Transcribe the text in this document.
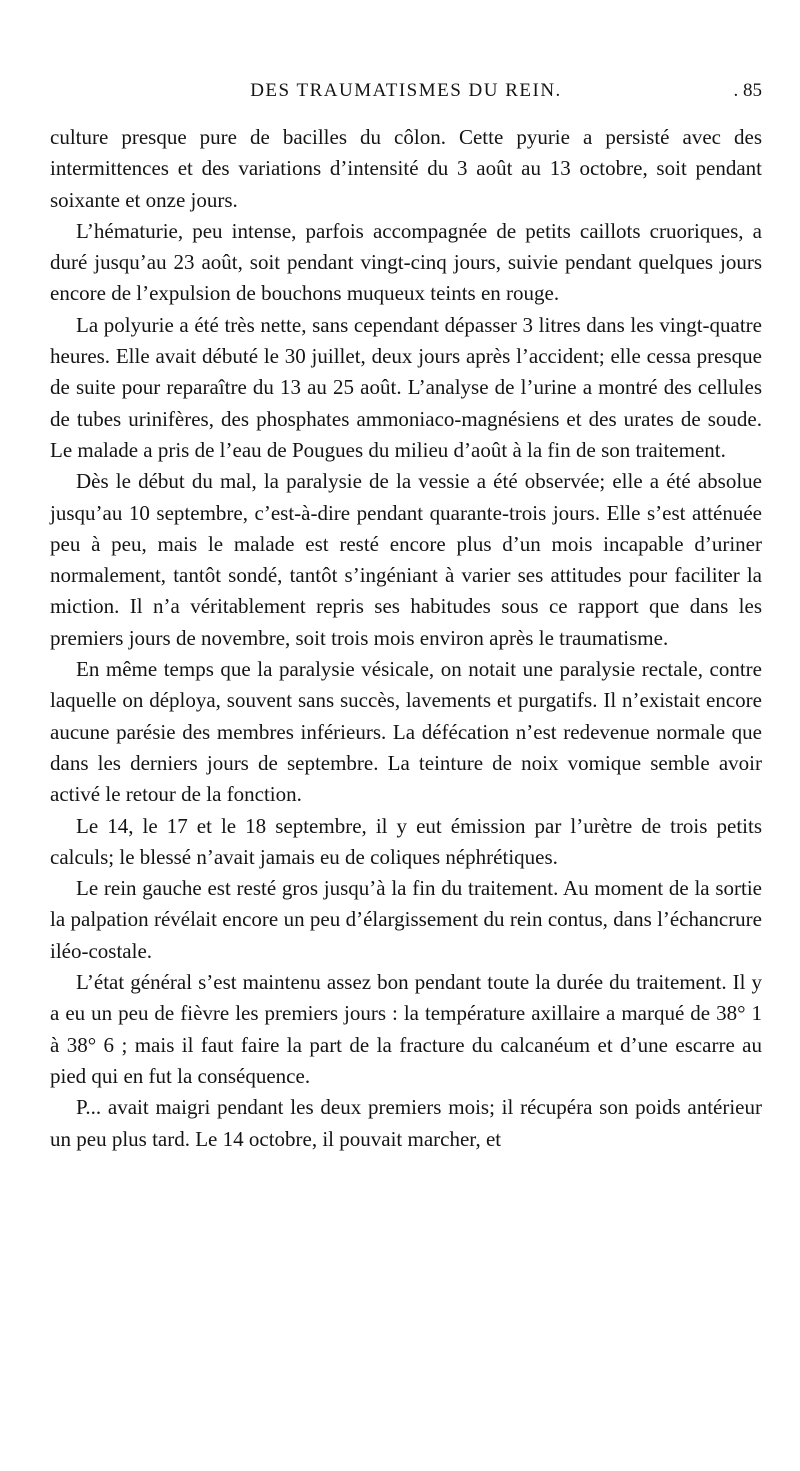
DES TRAUMATISMES DU REIN.	. 85

culture presque pure de bacilles du côlon. Cette pyurie a persisté avec des intermittences et des variations d’intensité du 3 août au 13 octobre, soit pendant soixante et onze jours.

L’hématurie, peu intense, parfois accompagnée de petits caillots cruoriques, a duré jusqu’au 23 août, soit pendant vingt-cinq jours, suivie pendant quelques jours encore de l’expulsion de bouchons muqueux teints en rouge.

La polyurie a été très nette, sans cependant dépasser 3 litres dans les vingt-quatre heures. Elle avait débuté le 30 juillet, deux jours après l’accident; elle cessa presque de suite pour reparaître du 13 au 25 août. L’analyse de l’urine a montré des cellules de tubes urinifères, des phosphates ammoniaco-magnésiens et des urates de soude. Le malade a pris de l’eau de Pougues du milieu d’août à la fin de son traitement.

Dès le début du mal, la paralysie de la vessie a été observée; elle a été absolue jusqu’au 10 septembre, c’est-à-dire pendant quarante-trois jours. Elle s’est atténuée peu à peu, mais le malade est resté encore plus d’un mois incapable d’uriner normalement, tantôt sondé, tantôt s’ingéniant à varier ses attitudes pour faciliter la miction. Il n’a véritablement repris ses habitudes sous ce rapport que dans les premiers jours de novembre, soit trois mois environ après le traumatisme.

En même temps que la paralysie vésicale, on notait une paralysie rectale, contre laquelle on déploya, souvent sans succès, lavements et purgatifs. Il n’existait encore aucune parésie des membres inférieurs. La défécation n’est redevenue normale que dans les derniers jours de septembre. La teinture de noix vomique semble avoir activé le retour de la fonction.

Le 14, le 17 et le 18 septembre, il y eut émission par l’urètre de trois petits calculs; le blessé n’avait jamais eu de coliques néphrétiques.

Le rein gauche est resté gros jusqu’à la fin du traitement. Au moment de la sortie la palpation révélait encore un peu d’élargissement du rein contus, dans l’échancrure iléo-costale.

L’état général s’est maintenu assez bon pendant toute la durée du traitement. Il y a eu un peu de fièvre les premiers jours : la température axillaire a marqué de 38° 1 à 38° 6 ; mais il faut faire la part de la fracture du calcanéum et d’une escarre au pied qui en fut la conséquence.

P... avait maigri pendant les deux premiers mois; il récupéra son poids antérieur un peu plus tard. Le 14 octobre, il pouvait marcher, et
